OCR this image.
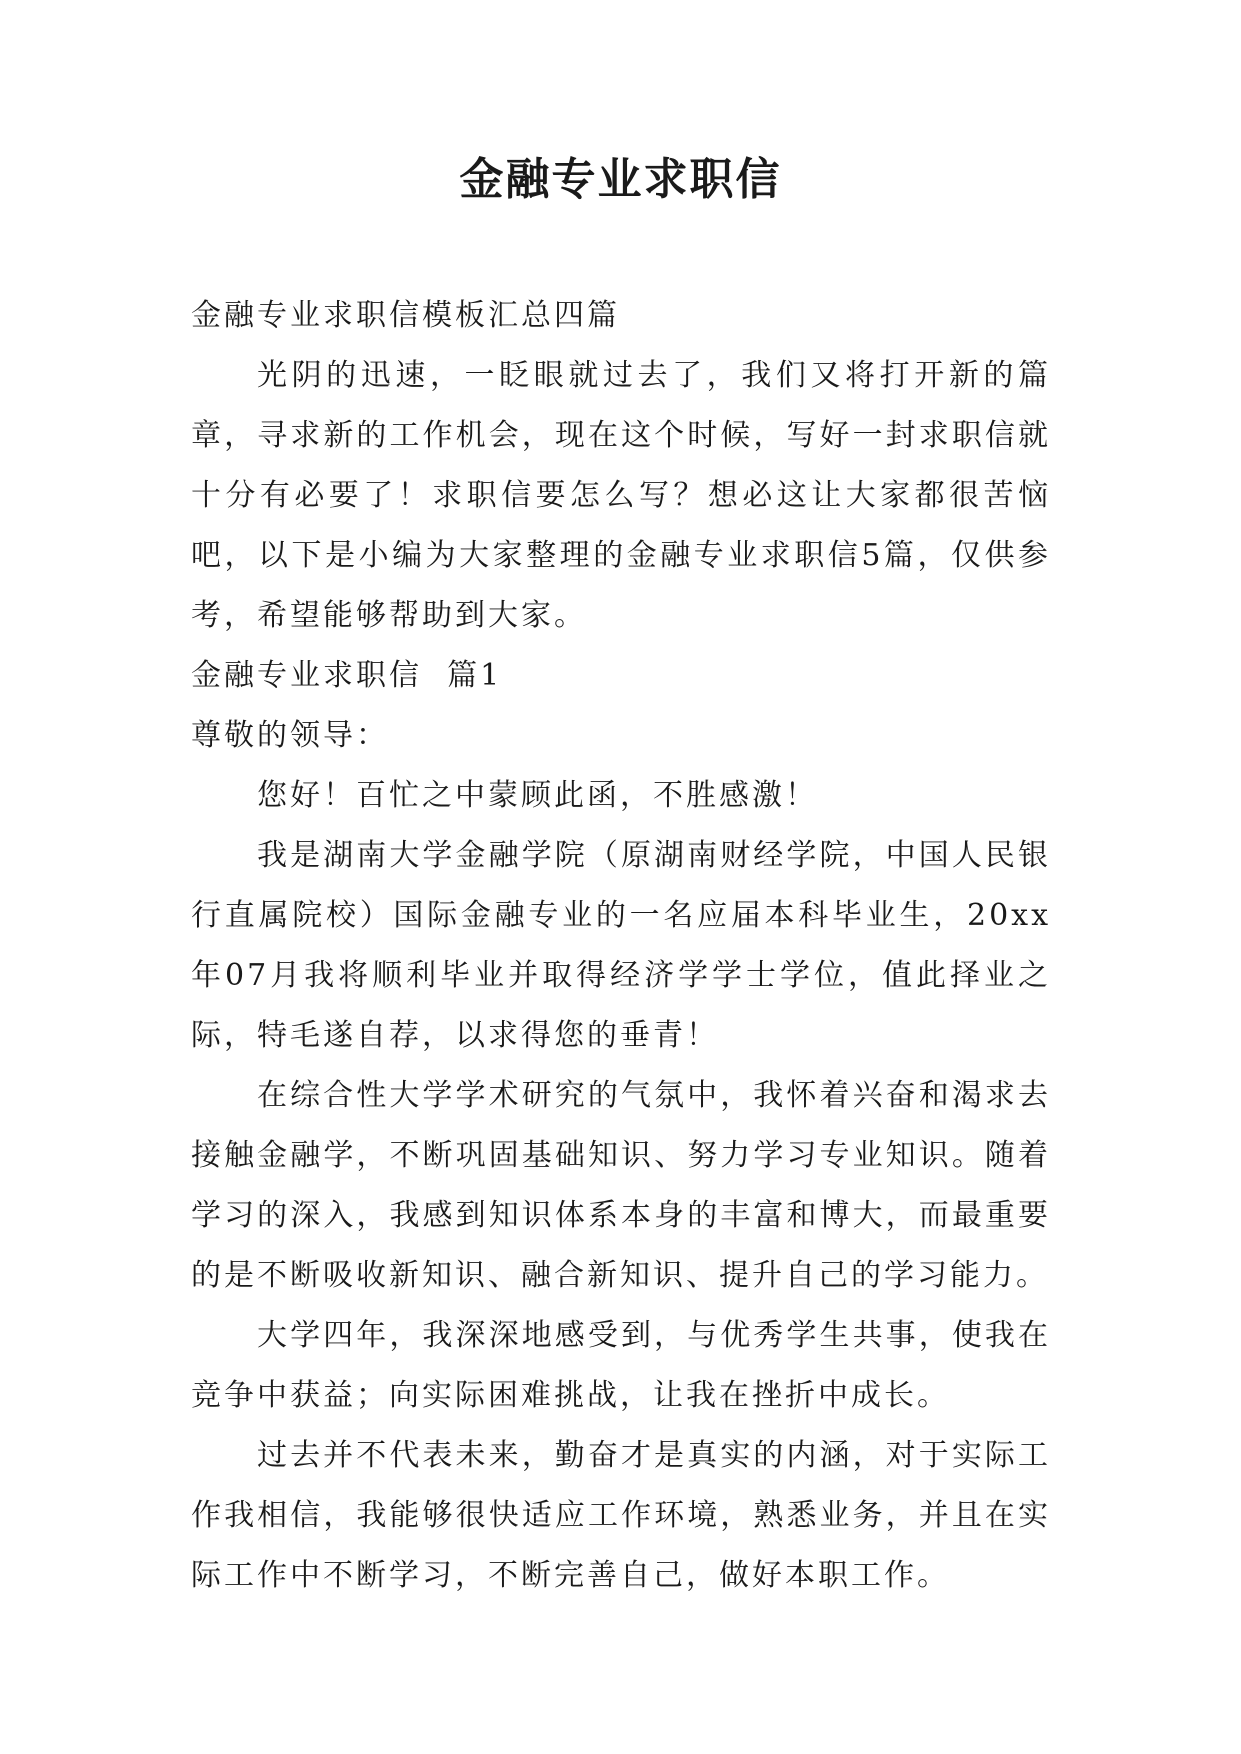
金融专业求职信

金融专业求职信模板汇总四篇

光阴的迅速，一眨眼就过去了，我们又将打开新的篇章，寻求新的工作机会，现在这个时候，写好一封求职信就十分有必要了！求职信要怎么写？想必这让大家都很苦恼吧，以下是小编为大家整理的金融专业求职信5篇，仅供参考，希望能够帮助到大家。

金融专业求职信  篇1

尊敬的领导：

您好！百忙之中蒙顾此函，不胜感激！

我是湖南大学金融学院（原湖南财经学院，中国人民银行直属院校）国际金融专业的一名应届本科毕业生，20xx年07月我将顺利毕业并取得经济学学士学位，值此择业之际，特毛遂自荐，以求得您的垂青！

在综合性大学学术研究的气氛中，我怀着兴奋和渴求去接触金融学，不断巩固基础知识、努力学习专业知识。随着学习的深入，我感到知识体系本身的丰富和博大，而最重要的是不断吸收新知识、融合新知识、提升自己的学习能力。

大学四年，我深深地感受到，与优秀学生共事，使我在竞争中获益；向实际困难挑战，让我在挫折中成长。

过去并不代表未来，勤奋才是真实的内涵，对于实际工作我相信，我能够很快适应工作环境，熟悉业务，并且在实际工作中不断学习，不断完善自己，做好本职工作。
